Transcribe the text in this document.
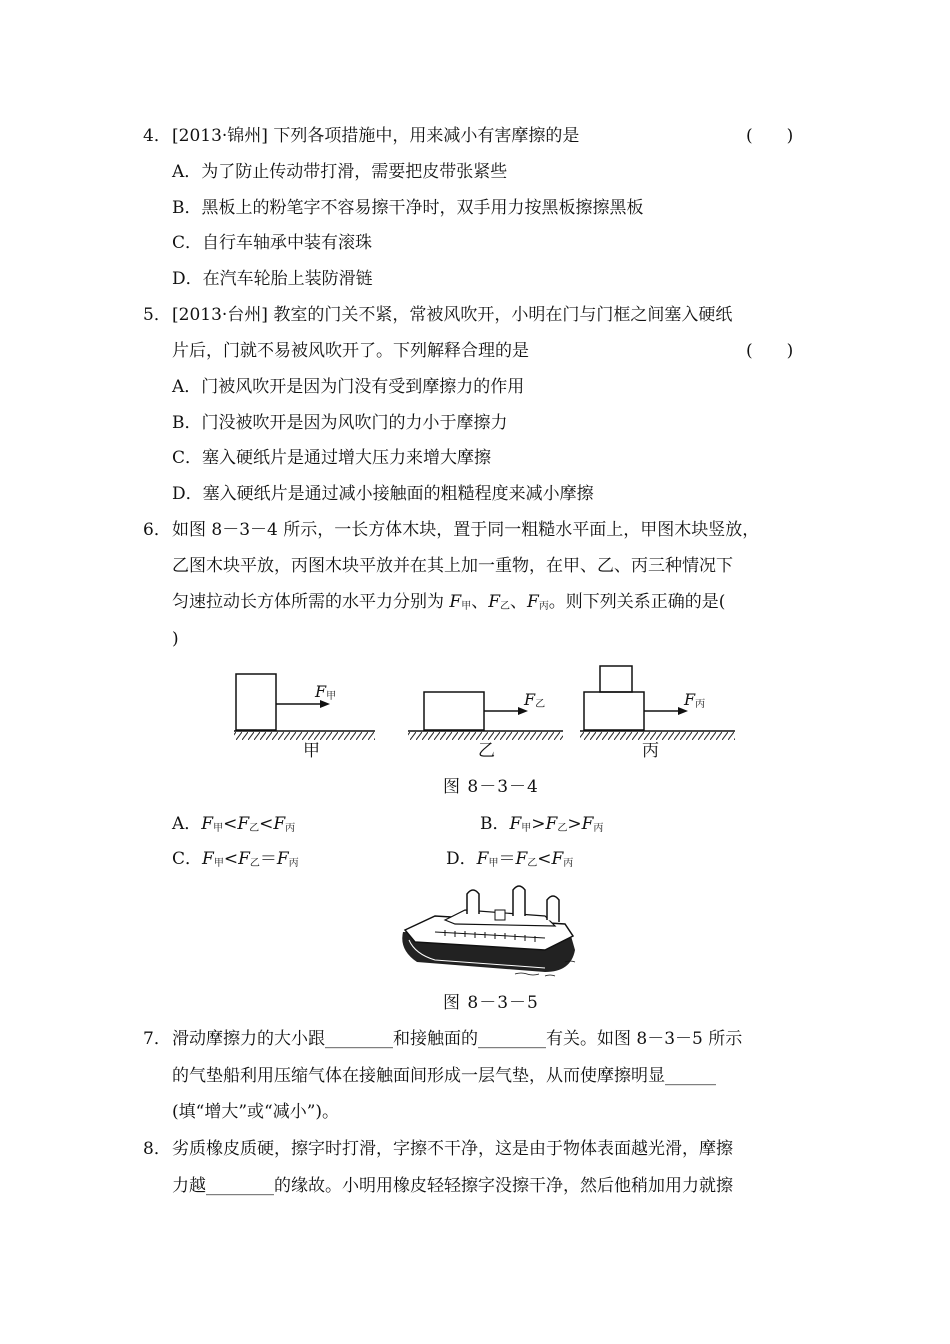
4． [2013·锦州] 下列各项措施中，用来减小有害摩擦的是	(　　)
A．为了防止传动带打滑，需要把皮带张紧些
B．黑板上的粉笔字不容易擦干净时，双手用力按黑板擦擦黑板
C．自行车轴承中装有滚珠
D．在汽车轮胎上装防滑链
5． [2013·台州] 教室的门关不紧，常被风吹开，小明在门与门框之间塞入硬纸
片后，门就不易被风吹开了。下列解释合理的是	(　　)
A．门被风吹开是因为门没有受到摩擦力的作用
B．门没被吹开是因为风吹门的力小于摩擦力
C．塞入硬纸片是通过增大压力来增大摩擦
D．塞入硬纸片是通过减小接触面的粗糙程度来减小摩擦
6． 如图 8－3－4 所示，一长方体木块，置于同一粗糙水平面上，甲图木块竖放，
乙图木块平放，丙图木块平放并在其上加一重物，在甲、乙、丙三种情况下
匀速拉动长方体所需的水平力分别为 $F_甲$、$F_乙$、$F_丙$。则下列关系正确的是(
)
$F_甲$	$F_乙$	$F_丙$
甲	乙	丙
图 8－3－4
A．$F_甲<F_乙<F_丙$	B．$F_甲>F_乙>F_丙$
C．$F_甲<F_乙=F_丙$	D．$F_甲=F_乙<F_丙$
图 8－3－5
7． 滑动摩擦力的大小跟________和接触面的________有关。如图 8－3－5 所示
的气垫船利用压缩气体在接触面间形成一层气垫，从而使摩擦明显______
(填“增大”或“减小”)。
8． 劣质橡皮质硬，擦字时打滑，字擦不干净，这是由于物体表面越光滑，摩擦
力越________的缘故。小明用橡皮轻轻擦字没擦干净，然后他稍加用力就擦
